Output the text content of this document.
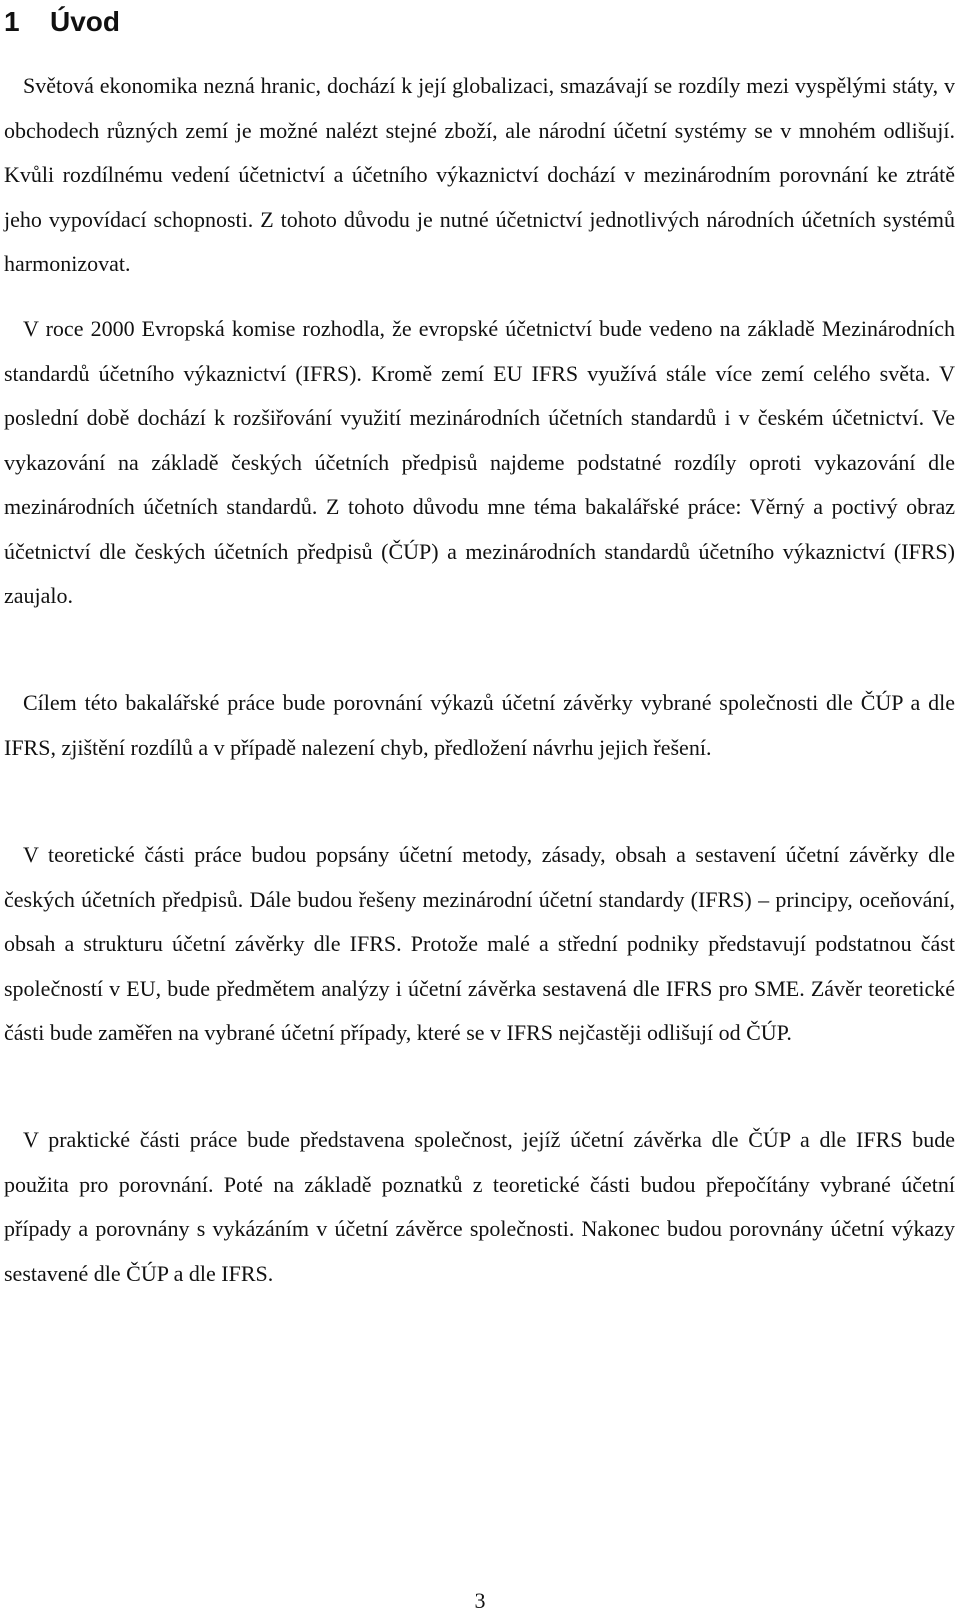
1 Úvod

Světová ekonomika nezná hranic, dochází k její globalizaci, smazávají se rozdíly mezi vyspělými státy, v obchodech různých zemí je možné nalézt stejné zboží, ale národní účetní systémy se v mnohém odlišují. Kvůli rozdílnému vedení účetnictví a účetního výkaznictví dochází v mezinárodním porovnání ke ztrátě jeho vypovídací schopnosti. Z tohoto důvodu je nutné účetnictví jednotlivých národních účetních systémů harmonizovat.

V roce 2000 Evropská komise rozhodla, že evropské účetnictví bude vedeno na základě Mezinárodních standardů účetního výkaznictví (IFRS). Kromě zemí EU IFRS využívá stále více zemí celého světa. V poslední době dochází k rozšiřování využití mezinárodních účetních standardů i v českém účetnictví. Ve vykazování na základě českých účetních předpisů najdeme podstatné rozdíly oproti vykazování dle mezinárodních účetních standardů. Z tohoto důvodu mne téma bakalářské práce: Věrný a poctivý obraz účetnictví dle českých účetních předpisů (ČÚP) a mezinárodních standardů účetního výkaznictví (IFRS) zaujalo.

Cílem této bakalářské práce bude porovnání výkazů účetní závěrky vybrané společnosti dle ČÚP a dle IFRS, zjištění rozdílů a v případě nalezení chyb, předložení návrhu jejich řešení.

V teoretické části práce budou popsány účetní metody, zásady, obsah a sestavení účetní závěrky dle českých účetních předpisů. Dále budou řešeny mezinárodní účetní standardy (IFRS) – principy, oceňování, obsah a strukturu účetní závěrky dle IFRS. Protože malé a střední podniky představují podstatnou část společností v EU, bude předmětem analýzy i účetní závěrka sestavená dle IFRS pro SME. Závěr teoretické části bude zaměřen na vybrané účetní případy, které se v IFRS nejčastěji odlišují od ČÚP.

V praktické části práce bude představena společnost, jejíž účetní závěrka dle ČÚP a dle IFRS bude použita pro porovnání. Poté na základě poznatků z teoretické části budou přepočítány vybrané účetní případy a porovnány s vykázáním v účetní závěrce společnosti. Nakonec budou porovnány účetní výkazy sestavené dle ČÚP a dle IFRS.

3
